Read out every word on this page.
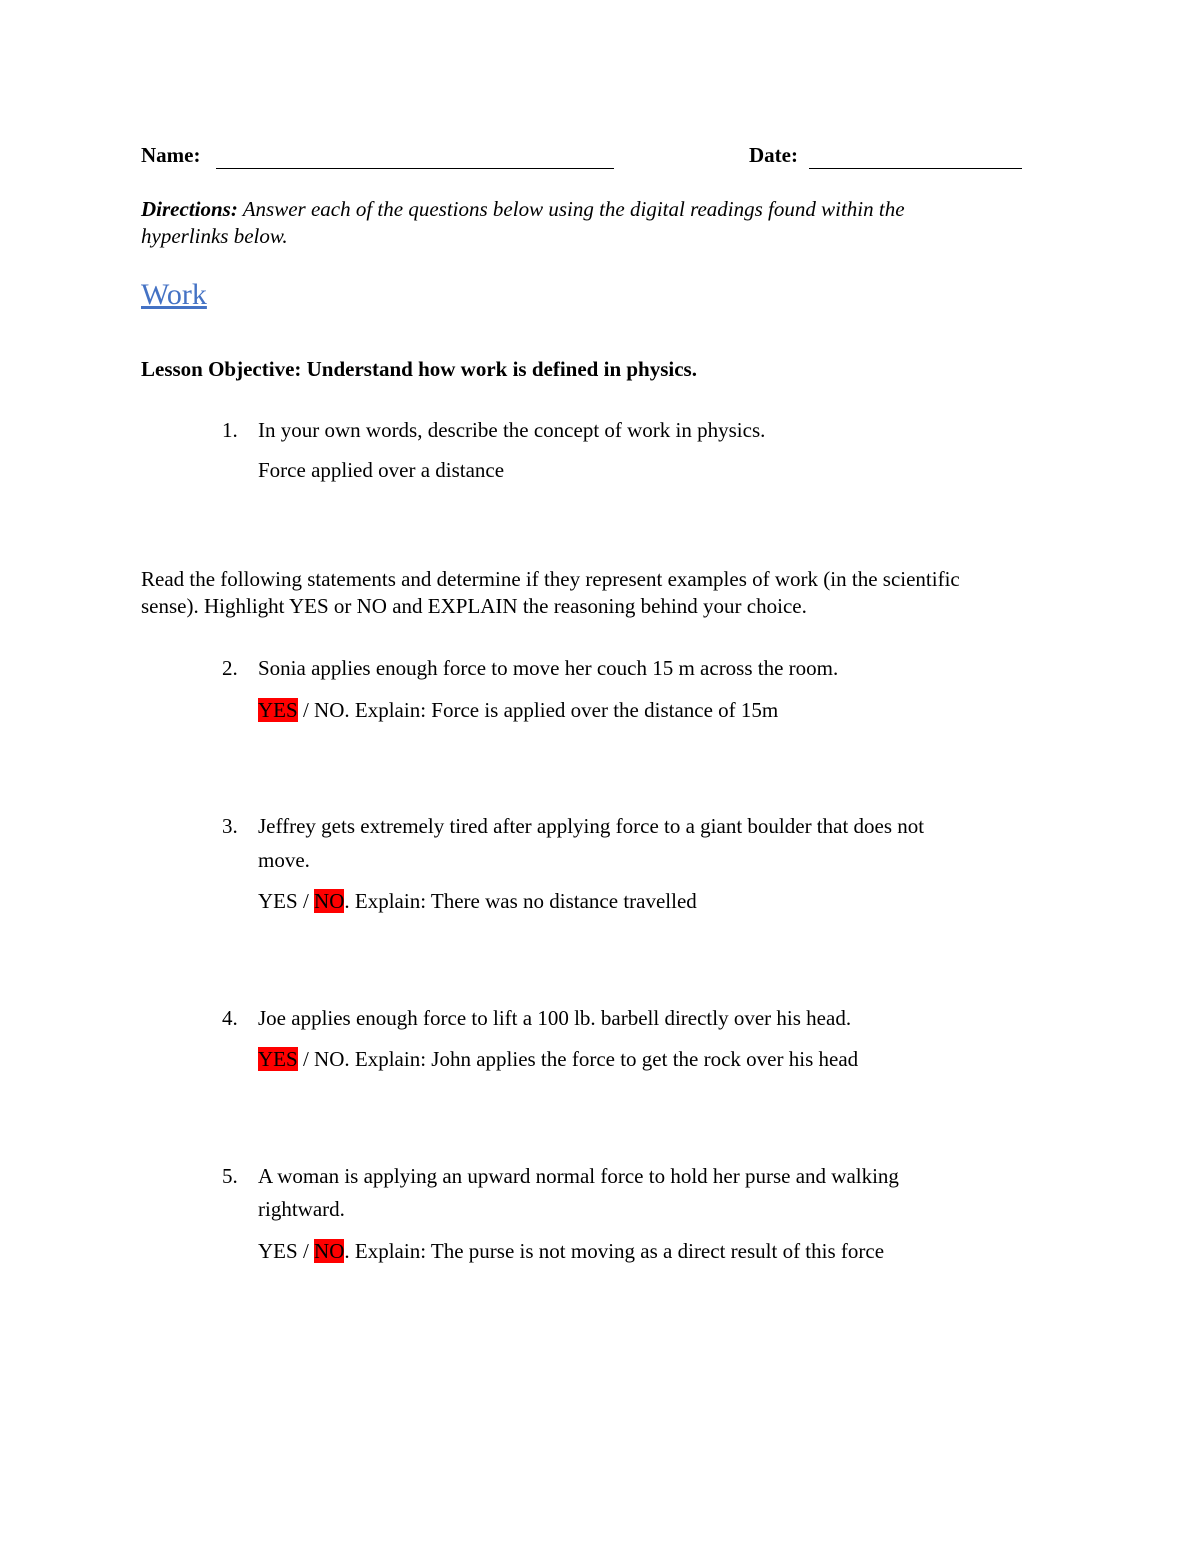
Name:	Date:
Directions: Answer each of the questions below using the digital readings found within the
hyperlinks below.
Work
Lesson Objective: Understand how work is defined in physics.
1. In your own words, describe the concept of work in physics.
Force applied over a distance
Read the following statements and determine if they represent examples of work (in the scientific
sense). Highlight YES or NO and EXPLAIN the reasoning behind your choice.
2. Sonia applies enough force to move her couch 15 m across the room.
YES / NO. Explain: Force is applied over the distance of 15m
3. Jeffrey gets extremely tired after applying force to a giant boulder that does not
move.
YES / NO. Explain: There was no distance travelled
4. Joe applies enough force to lift a 100 lb. barbell directly over his head.
YES / NO. Explain: John applies the force to get the rock over his head
5. A woman is applying an upward normal force to hold her purse and walking
rightward.
YES / NO. Explain: The purse is not moving as a direct result of this force
